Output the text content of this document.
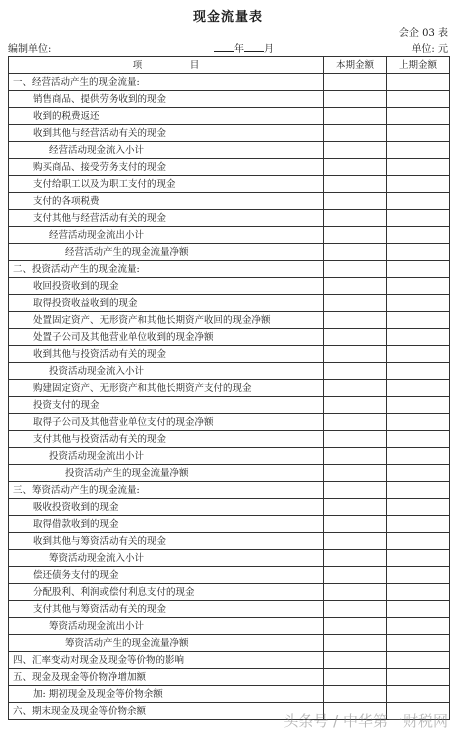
现金流量表
会企 03 表
编制单位:	年 月	单位: 元
项　　　　　目	本期金额	上期金额
一、经营活动产生的现金流量:		
销售商品、提供劳务收到的现金		
收到的税费返还		
收到其他与经营活动有关的现金		
经营活动现金流入小计		
购买商品、接受劳务支付的现金		
支付给职工以及为职工支付的现金		
支付的各项税费		
支付其他与经营活动有关的现金		
经营活动现金流出小计		
经营活动产生的现金流量净额		
二、投资活动产生的现金流量:		
收回投资收到的现金		
取得投资收益收到的现金		
处置固定资产、无形资产和其他长期资产收回的现金净额		
处置子公司及其他营业单位收到的现金净额		
收到其他与投资活动有关的现金		
投资活动现金流入小计		
购建固定资产、无形资产和其他长期资产支付的现金		
投资支付的现金		
取得子公司及其他营业单位支付的现金净额		
支付其他与投资活动有关的现金		
投资活动现金流出小计		
投资活动产生的现金流量净额		
三、筹资活动产生的现金流量:		
吸收投资收到的现金		
取得借款收到的现金		
收到其他与筹资活动有关的现金		
筹资活动现金流入小计		
偿还债务支付的现金		
分配股利、利润或偿付利息支付的现金		
支付其他与筹资活动有关的现金		
筹资活动现金流出小计		
筹资活动产生的现金流量净额		
四、汇率变动对现金及现金等价物的影响		
五、现金及现金等价物净增加额		
加: 期初现金及现金等价物余额		
六、期末现金及现金等价物余额		
头条号 / 中华第一财税网
